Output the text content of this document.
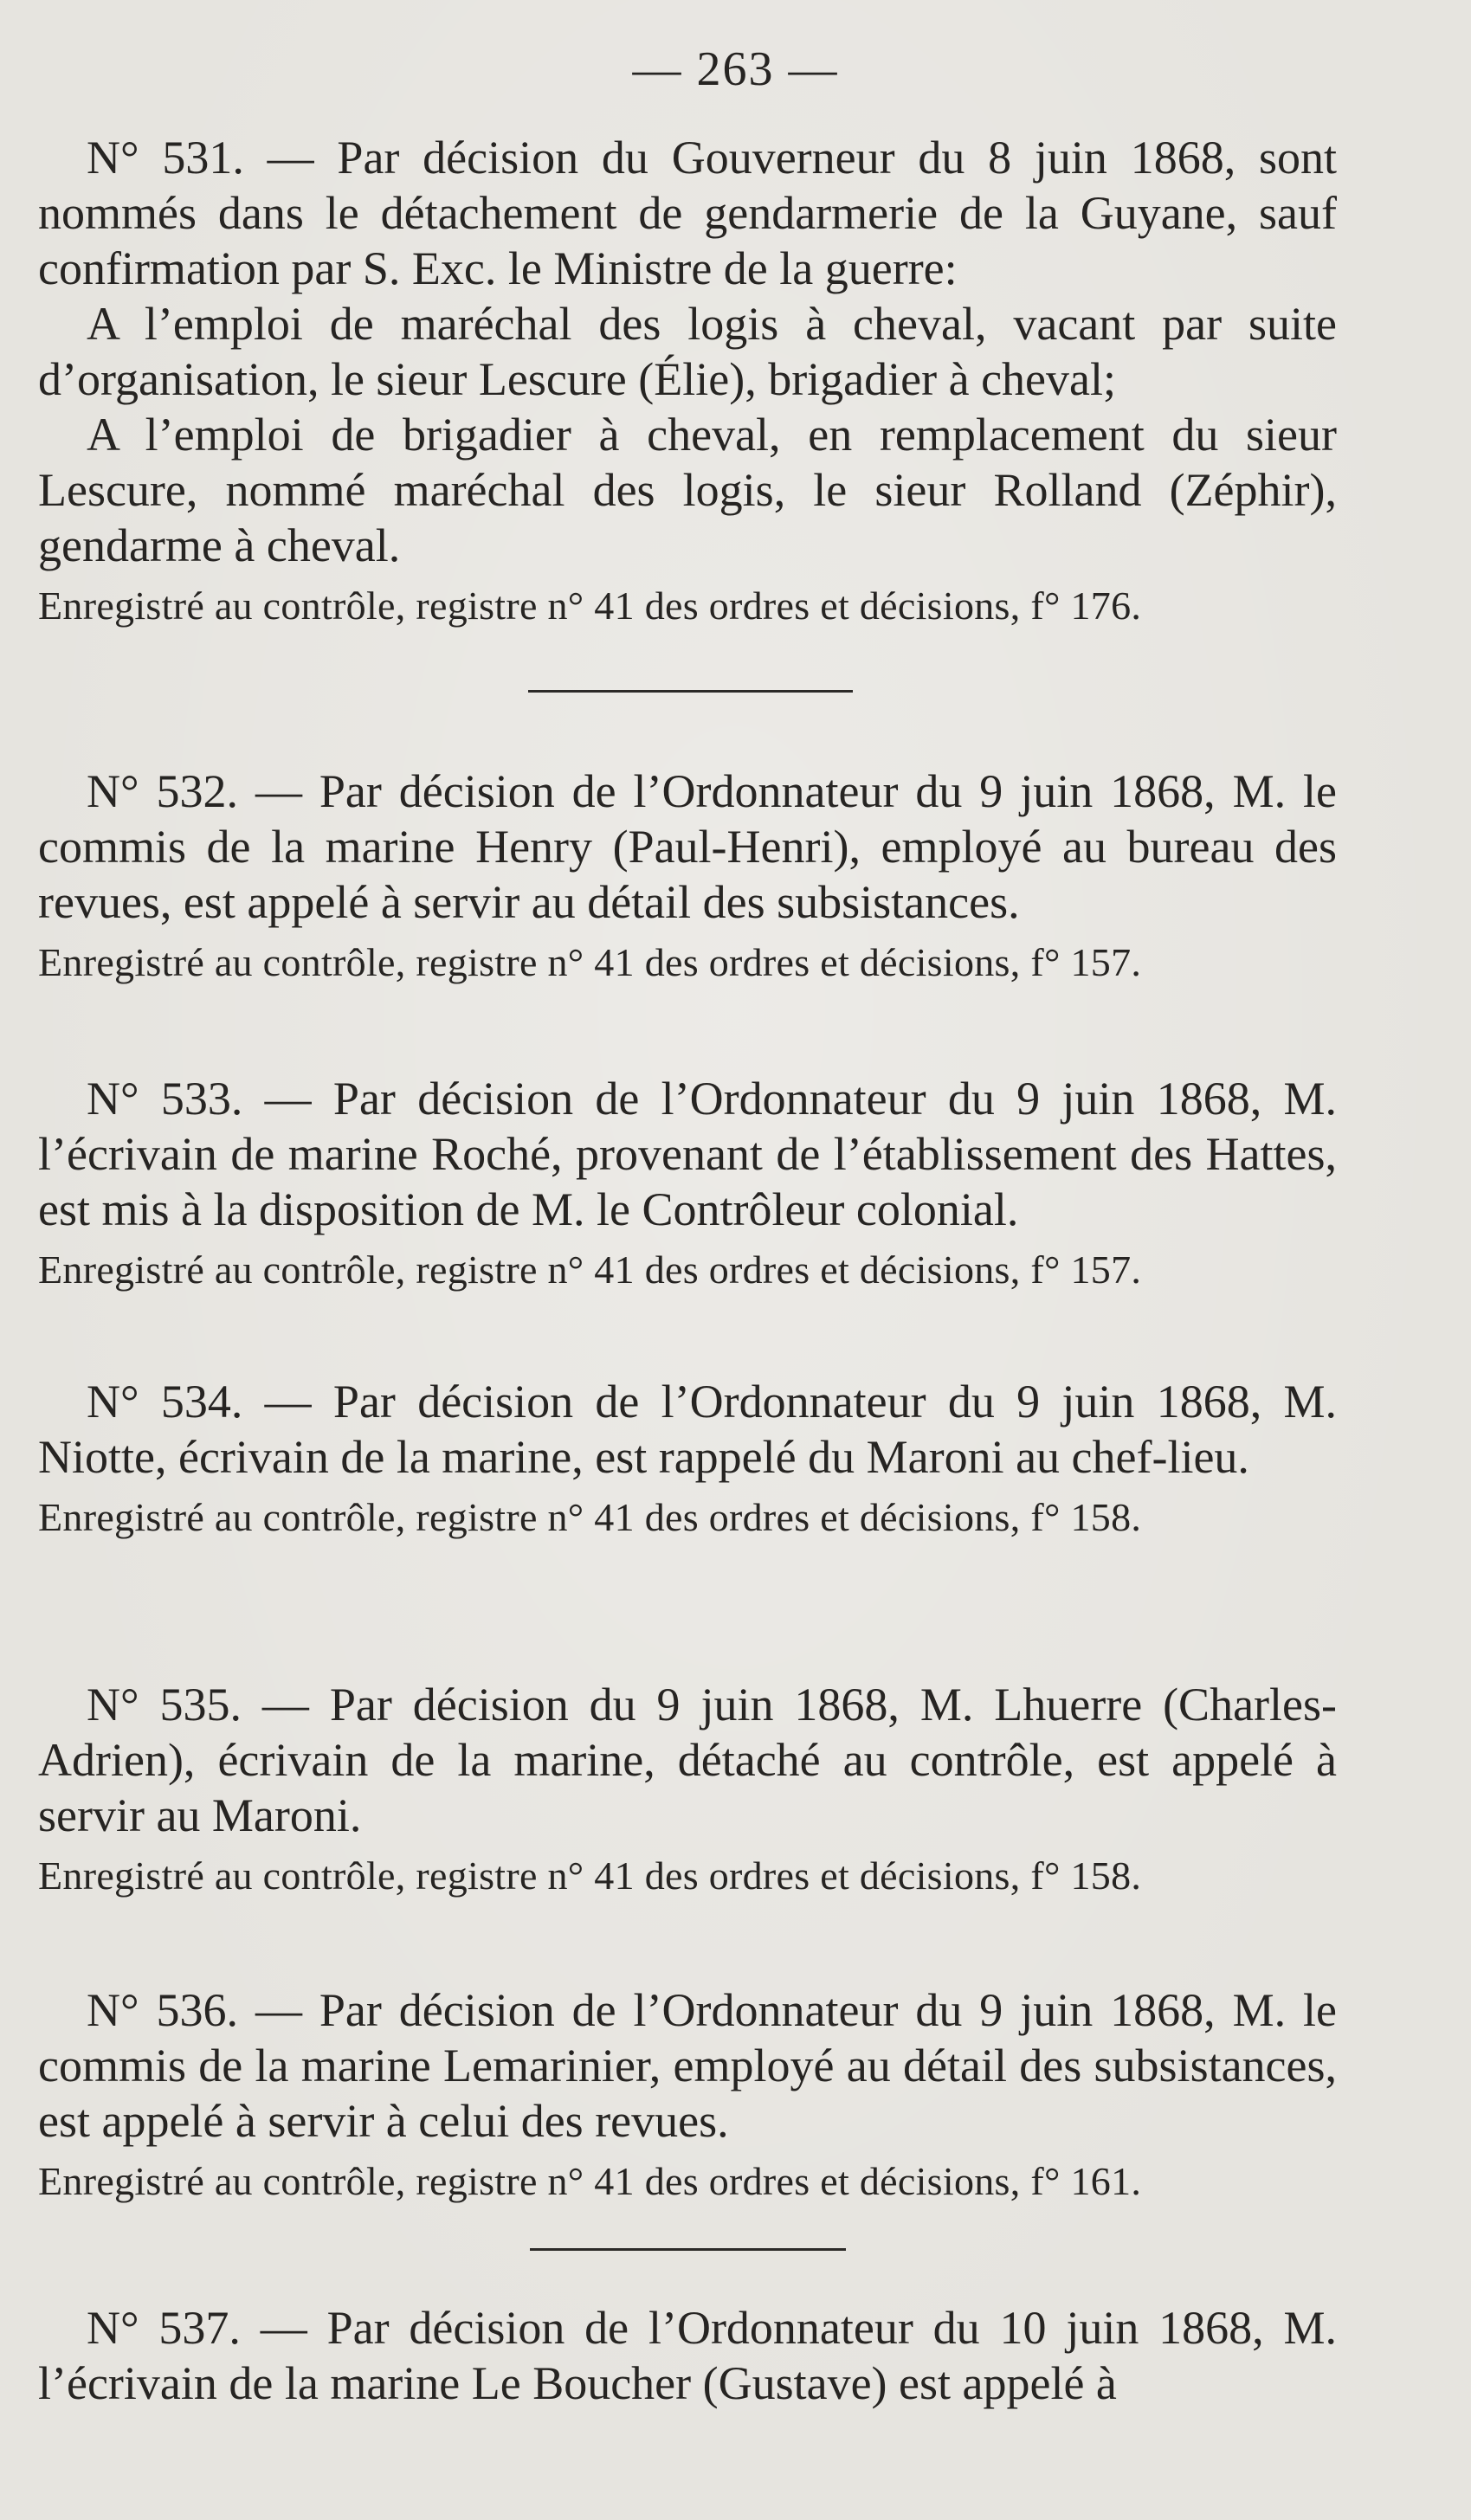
— 263 —

N° 531. — Par décision du Gouverneur du 8 juin 1868, sont nommés dans le détachement de gendarmerie de la Guyane, sauf confirmation par S. Exc. le Ministre de la guerre:

A l’emploi de maréchal des logis à cheval, vacant par suite d’organisation, le sieur Lescure (Élie), brigadier à cheval;

A l’emploi de brigadier à cheval, en remplacement du sieur Lescure, nommé maréchal des logis, le sieur Rolland (Zéphir), gendarme à cheval.

Enregistré au contrôle, registre n° 41 des ordres et décisions, f° 176.

N° 532. — Par décision de l’Ordonnateur du 9 juin 1868, M. le commis de la marine Henry (Paul-Henri), employé au bureau des revues, est appelé à servir au détail des subsistances.

Enregistré au contrôle, registre n° 41 des ordres et décisions, f° 157.

N° 533. — Par décision de l’Ordonnateur du 9 juin 1868, M. l’écrivain de marine Roché, provenant de l’établissement des Hattes, est mis à la disposition de M. le Contrôleur colonial.

Enregistré au contrôle, registre n° 41 des ordres et décisions, f° 157.

N° 534. — Par décision de l’Ordonnateur du 9 juin 1868, M. Niotte, écrivain de la marine, est rappelé du Maroni au chef-lieu.

Enregistré au contrôle, registre n° 41 des ordres et décisions, f° 158.

N° 535. — Par décision du 9 juin 1868, M. Lhuerre (Charles-Adrien), écrivain de la marine, détaché au contrôle, est appelé à servir au Maroni.

Enregistré au contrôle, registre n° 41 des ordres et décisions, f° 158.

N° 536. — Par décision de l’Ordonnateur du 9 juin 1868, M. le commis de la marine Lemarinier, employé au détail des subsistances, est appelé à servir à celui des revues.

Enregistré au contrôle, registre n° 41 des ordres et décisions, f° 161.

N° 537. — Par décision de l’Ordonnateur du 10 juin 1868, M. l’écrivain de la marine Le Boucher (Gustave) est appelé à
